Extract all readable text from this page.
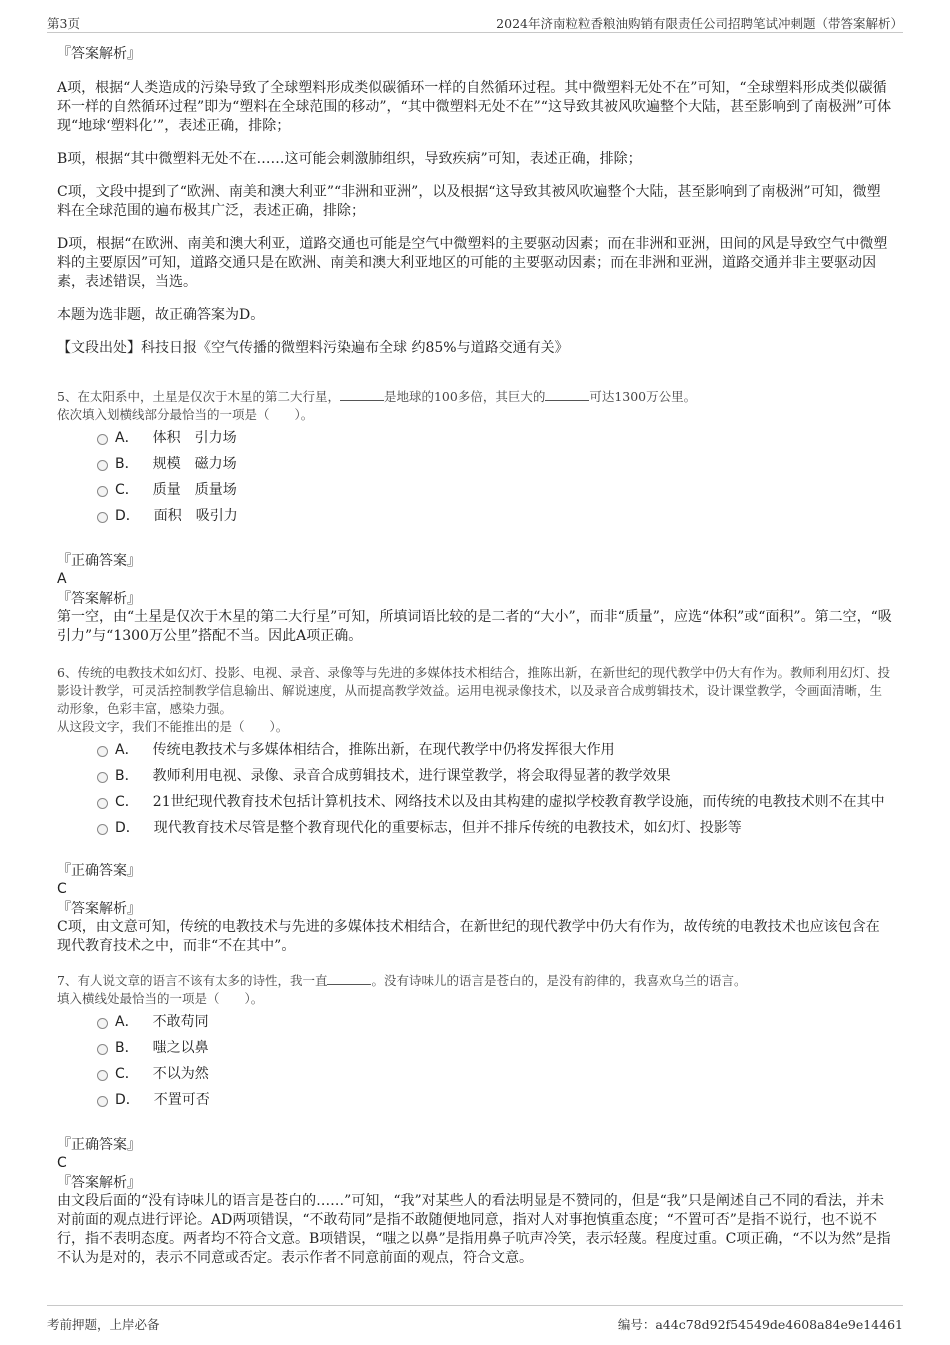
第3页	2024年济南粒粒香粮油购销有限责任公司招聘笔试冲刺题（带答案解析）

『答案解析』

A项，根据“人类造成的污染导致了全球塑料形成类似碳循环一样的自然循环过程。其中微塑料无处不在”可知，“全球塑料形成类似碳循环一样的自然循环过程”即为“塑料在全球范围的移动”，“其中微塑料无处不在”“这导致其被风吹遍整个大陆，甚至影响到了南极洲”可体现“地球‘塑料化’”，表述正确，排除；

B项，根据“其中微塑料无处不在……这可能会刺激肺组织，导致疾病”可知，表述正确，排除；

C项，文段中提到了“欧洲、南美和澳大利亚”“非洲和亚洲”，以及根据“这导致其被风吹遍整个大陆，甚至影响到了南极洲”可知，微塑料在全球范围的遍布极其广泛，表述正确，排除；

D项，根据“在欧洲、南美和澳大利亚，道路交通也可能是空气中微塑料的主要驱动因素；而在非洲和亚洲，田间的风是导致空气中微塑料的主要原因”可知，道路交通只是在欧洲、南美和澳大利亚地区的可能的主要驱动因素；而在非洲和亚洲，道路交通并非主要驱动因素，表述错误，当选。

本题为选非题，故正确答案为D。

【文段出处】科技日报《空气传播的微塑料污染遍布全球 约85%与道路交通有关》

5、在太阳系中，土星是仅次于木星的第二大行星，	是地球的100多倍，其巨大的	可达1300万公里。

依次填入划横线部分最恰当的一项是（　　）。

A． 体积　引力场
B． 规模　磁力场
C． 质量　质量场
D． 面积　吸引力

『正确答案』

A

『答案解析』

第一空，由“土星是仅次于木星的第二大行星”可知，所填词语比较的是二者的“大小”，而非“质量”，应选“体积”或“面积”。第二空，“吸引力”与“1300万公里”搭配不当。因此A项正确。

6、传统的电教技术如幻灯、投影、电视、录音、录像等与先进的多媒体技术相结合，推陈出新，在新世纪的现代教学中仍大有作为。教师利用幻灯、投影设计教学，可灵活控制教学信息输出、解说速度，从而提高教学效益。运用电视录像技术，以及录音合成剪辑技术，设计课堂教学，令画面清晰，生动形象，色彩丰富，感染力强。

从这段文字，我们不能推出的是（　　）。

A． 传统电教技术与多媒体相结合，推陈出新，在现代教学中仍将发挥很大作用
B． 教师利用电视、录像、录音合成剪辑技术，进行课堂教学，将会取得显著的教学效果
C． 21世纪现代教育技术包括计算机技术、网络技术以及由其构建的虚拟学校教育教学设施，而传统的电教技术则不在其中
D． 现代教育技术尽管是整个教育现代化的重要标志，但并不排斥传统的电教技术，如幻灯、投影等

『正确答案』

C

『答案解析』

C项，由文意可知，传统的电教技术与先进的多媒体技术相结合，在新世纪的现代教学中仍大有作为，故传统的电教技术也应该包含在现代教育技术之中，而非“不在其中”。

7、有人说文章的语言不该有太多的诗性，我一直	。没有诗味儿的语言是苍白的，是没有韵律的，我喜欢乌兰的语言。

填入横线处最恰当的一项是（　　）。

A． 不敢苟同
B． 嗤之以鼻
C． 不以为然
D． 不置可否

『正确答案』

C

『答案解析』

由文段后面的“没有诗味儿的语言是苍白的……”可知，“我”对某些人的看法明显是不赞同的，但是“我”只是阐述自己不同的看法，并未对前面的观点进行评论。AD两项错误，“不敢苟同”是指不敢随便地同意，指对人对事抱慎重态度；“不置可否”是指不说行，也不说不行，指不表明态度。两者均不符合文意。B项错误，“嗤之以鼻”是指用鼻子吭声冷笑，表示轻蔑。程度过重。C项正确，“不以为然”是指不认为是对的，表示不同意或否定。表示作者不同意前面的观点，符合文意。

考前押题，上岸必备	编号：a44c78d92f54549de4608a84e9e14461
